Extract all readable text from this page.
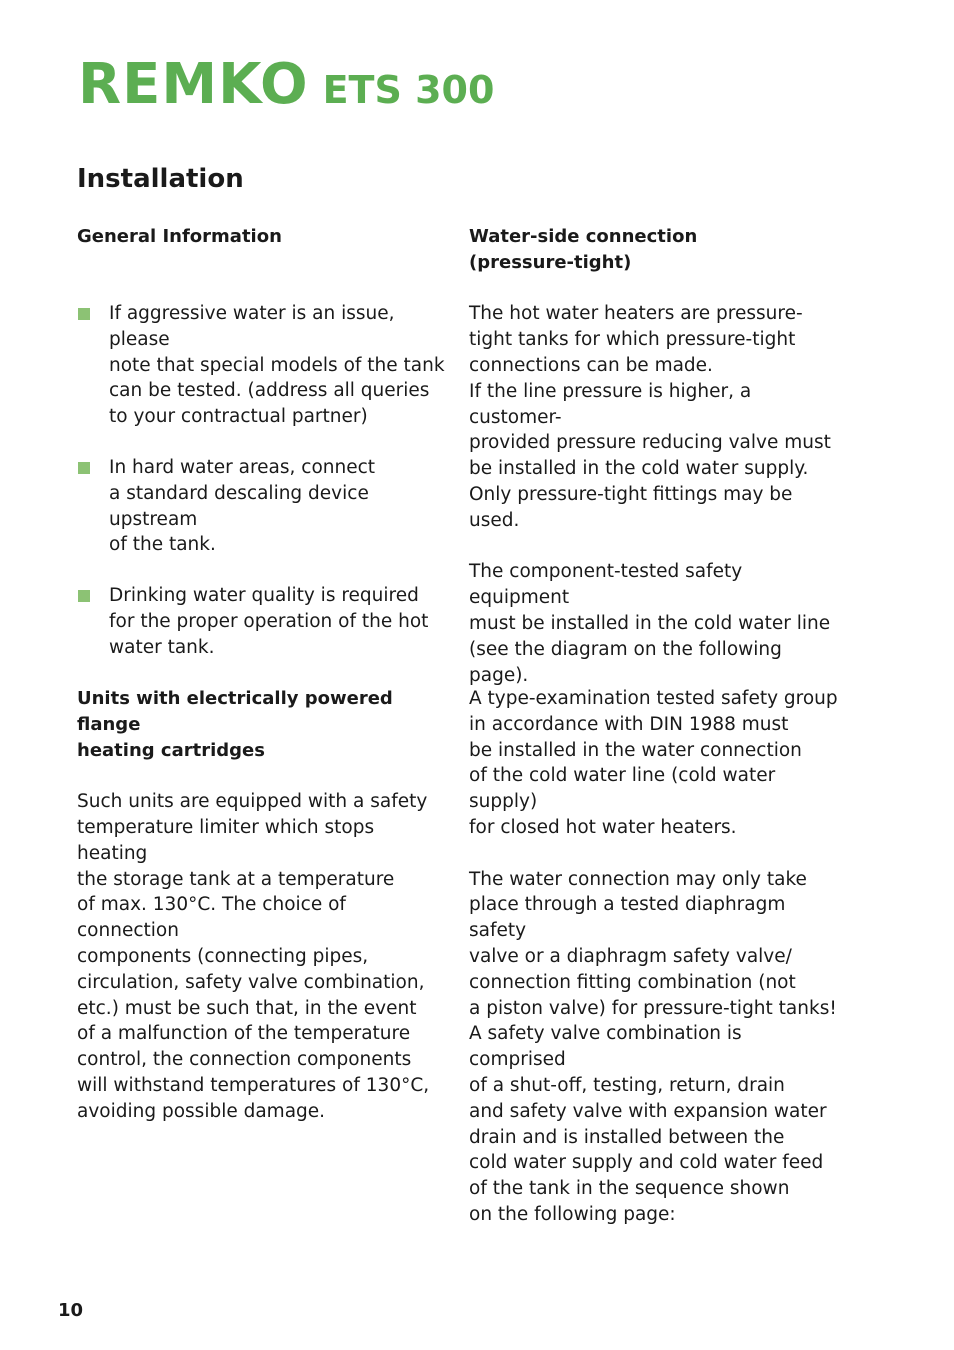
REMKO ETS 300
Installation

General Information

If aggressive water is an issue, please
note that special models of the tank
can be tested. (address all queries
to your contractual partner)
In hard water areas, connect
a standard descaling device upstream
of the tank.
Drinking water quality is required
for the proper operation of the hot
water tank.

Units with electrically powered flange
heating cartridges

Such units are equipped with a safety
temperature limiter which stops heating
the storage tank at a temperature
of max. 130°C. The choice of connection
components (connecting pipes,
circulation, safety valve combination,
etc.) must be such that, in the event
of a malfunction of the temperature
control, the connection components
will withstand temperatures of 130°C,
avoiding possible damage.

Water-side connection
(pressure-tight)

The hot water heaters are pressure-
tight tanks for which pressure-tight
connections can be made.
If the line pressure is higher, a customer-
provided pressure reducing valve must
be installed in the cold water supply.
Only pressure-tight fittings may be used.

The component-tested safety equipment
must be installed in the cold water line
(see the diagram on the following page).

A type-examination tested safety group
in accordance with DIN 1988 must
be installed in the water connection
of the cold water line (cold water supply)
for closed hot water heaters.

The water connection may only take
place through a tested diaphragm safety
valve or a diaphragm safety valve/
connection fitting combination (not
a piston valve) for pressure-tight tanks!
A safety valve combination is comprised
of a shut-off, testing, return, drain
and safety valve with expansion water
drain and is installed between the
cold water supply and cold water feed
of the tank in the sequence shown
on the following page:

10
